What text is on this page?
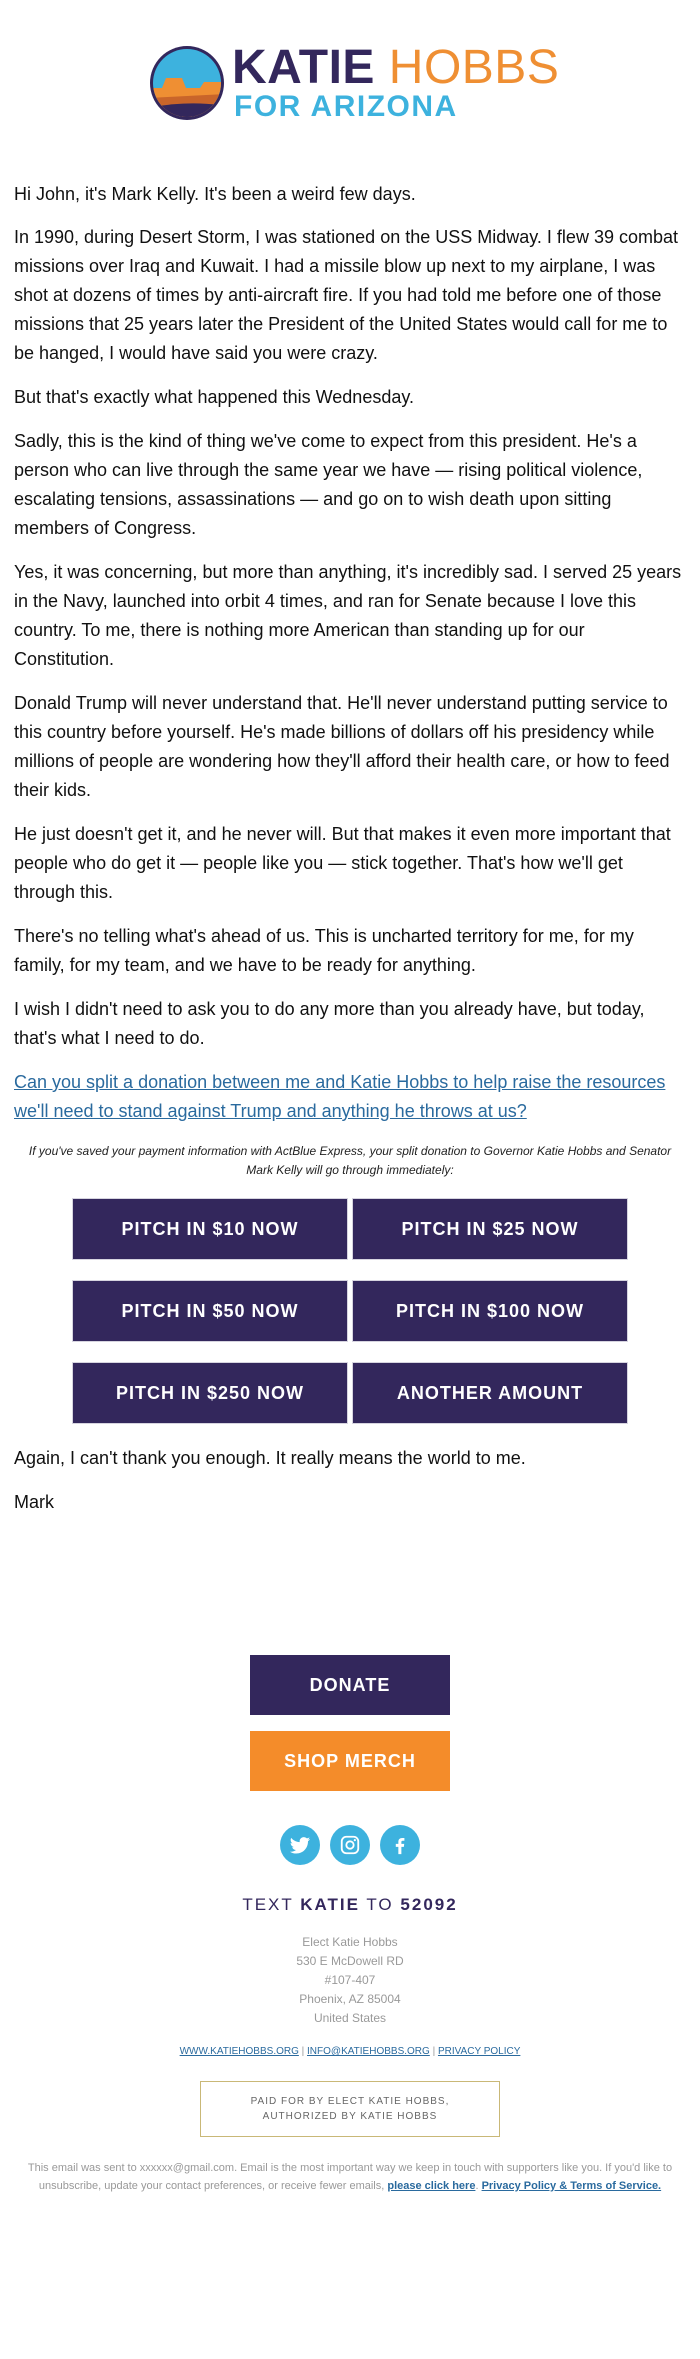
KATIE HOBBS
FOR ARIZONA

Hi John, it's Mark Kelly. It's been a weird few days.

In 1990, during Desert Storm, I was stationed on the USS Midway. I flew 39 combat missions over Iraq and Kuwait. I had a missile blow up next to my airplane, I was shot at dozens of times by anti-aircraft fire. If you had told me before one of those missions that 25 years later the President of the United States would call for me to be hanged, I would have said you were crazy.

But that's exactly what happened this Wednesday.

Sadly, this is the kind of thing we've come to expect from this president. He's a person who can live through the same year we have — rising political violence, escalating tensions, assassinations — and go on to wish death upon sitting members of Congress.

Yes, it was concerning, but more than anything, it's incredibly sad. I served 25 years in the Navy, launched into orbit 4 times, and ran for Senate because I love this country. To me, there is nothing more American than standing up for our Constitution.

Donald Trump will never understand that. He'll never understand putting service to this country before yourself. He's made billions of dollars off his presidency while millions of people are wondering how they'll afford their health care, or how to feed their kids.

He just doesn't get it, and he never will. But that makes it even more important that people who do get it — people like you — stick together. That's how we'll get through this.

There's no telling what's ahead of us. This is uncharted territory for me, for my family, for my team, and we have to be ready for anything.

I wish I didn't need to ask you to do any more than you already have, but today, that's what I need to do.

Can you split a donation between me and Katie Hobbs to help raise the resources we'll need to stand against Trump and anything he throws at us?
If you've saved your payment information with ActBlue Express, your split donation to Governor Katie Hobbs and Senator Mark Kelly will go through immediately:
PITCH IN $10 NOW	PITCH IN $25 NOW
PITCH IN $50 NOW	PITCH IN $100 NOW
PITCH IN $250 NOW	ANOTHER AMOUNT

Again, I can't thank you enough. It really means the world to me.

Mark

DONATE
SHOP MERCH
TEXT KATIE TO 52092
Elect Katie Hobbs
530 E McDowell RD
#107-407
Phoenix, AZ 85004
United States
WWW.KATIEHOBBS.ORG | INFO@KATIEHOBBS.ORG | PRIVACY POLICY
PAID FOR BY ELECT KATIE HOBBS,
AUTHORIZED BY KATIE HOBBS
This email was sent to xxxxxx@gmail.com. Email is the most important way we keep in touch with supporters like you. If you'd like to unsubscribe, update your contact preferences, or receive fewer emails, please click here. Privacy Policy & Terms of Service.
